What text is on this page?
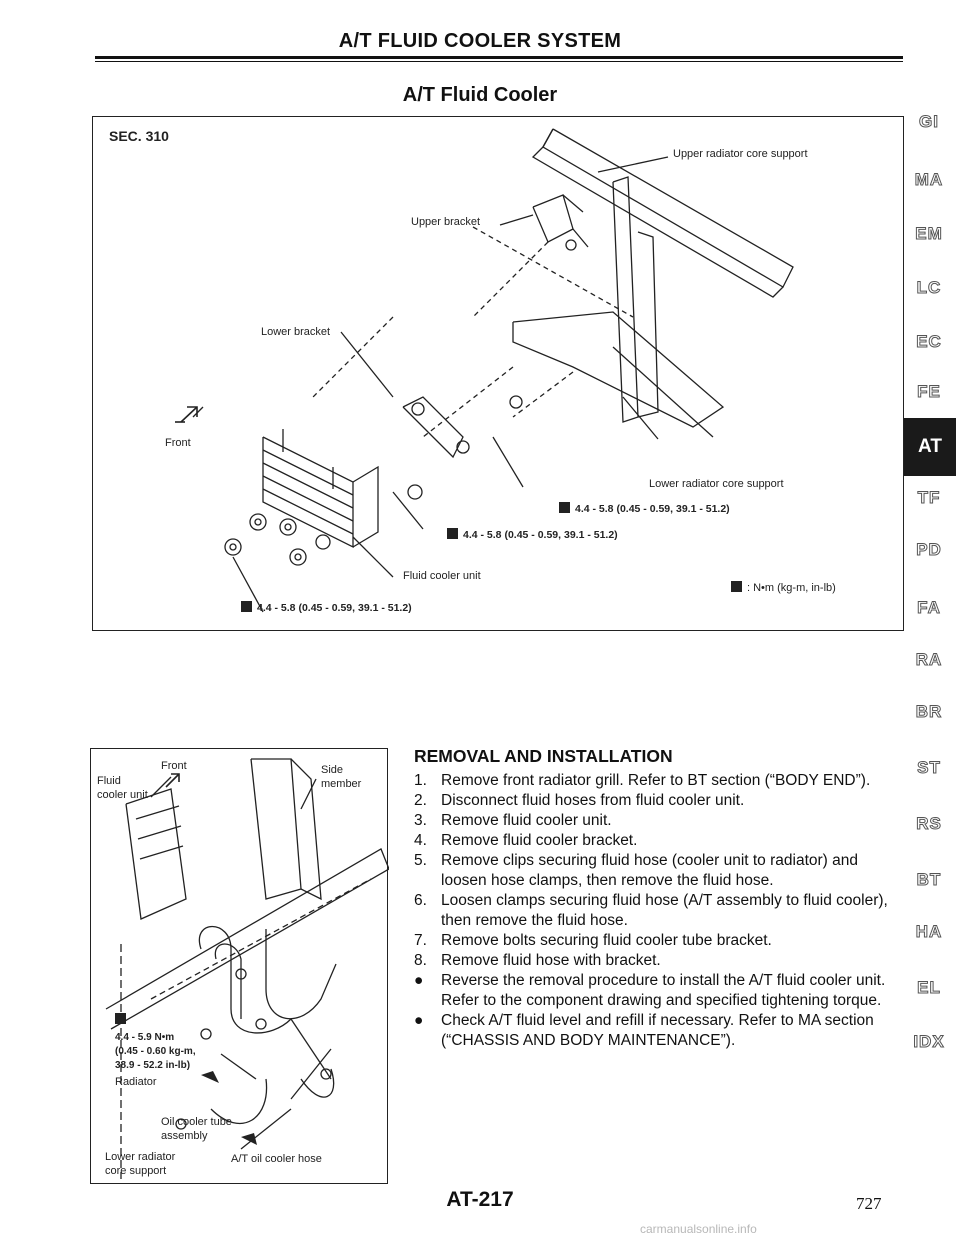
A/T FLUID COOLER SYSTEM
A/T Fluid Cooler
SEC. 310
Upper radiator core support
Upper bracket
Lower bracket
Front
Lower radiator core support
4.4 - 5.8 (0.45 - 0.59, 39.1 - 51.2)
4.4 - 5.8 (0.45 - 0.59, 39.1 - 51.2)
Fluid cooler unit
4.4 - 5.8 (0.45 - 0.59, 39.1 - 51.2)
: N•m (kg-m, in-lb)
Front	Side
member
Fluid
cooler unit
4.4 - 5.9 N•m
(0.45 - 0.60 kg-m,
38.9 - 52.2 in-lb)
Radiator
Oil cooler tube
assembly
Lower radiator
core support
A/T oil cooler hose
REMOVAL AND INSTALLATION
1. Remove front radiator grill. Refer to BT section (“BODY END”).
2. Disconnect fluid hoses from fluid cooler unit.
3. Remove fluid cooler unit.
4. Remove fluid cooler bracket.
5. Remove clips securing fluid hose (cooler unit to radiator) and loosen hose clamps, then remove the fluid hose.
6. Loosen clamps securing fluid hose (A/T assembly to fluid cooler), then remove the fluid hose.
7. Remove bolts securing fluid cooler tube bracket.
8. Remove fluid hose with bracket.
● Reverse the removal procedure to install the A/T fluid cooler unit. Refer to the component drawing and specified tightening torque.
● Check A/T fluid level and refill if necessary. Refer to MA section (“CHASSIS AND BODY MAINTENANCE”).
GI
MA
EM
LC
EC
FE
AT
TF
PD
FA
RA
BR
ST
RS
BT
HA
EL
IDX
AT-217	727
carmanualsonline.info
